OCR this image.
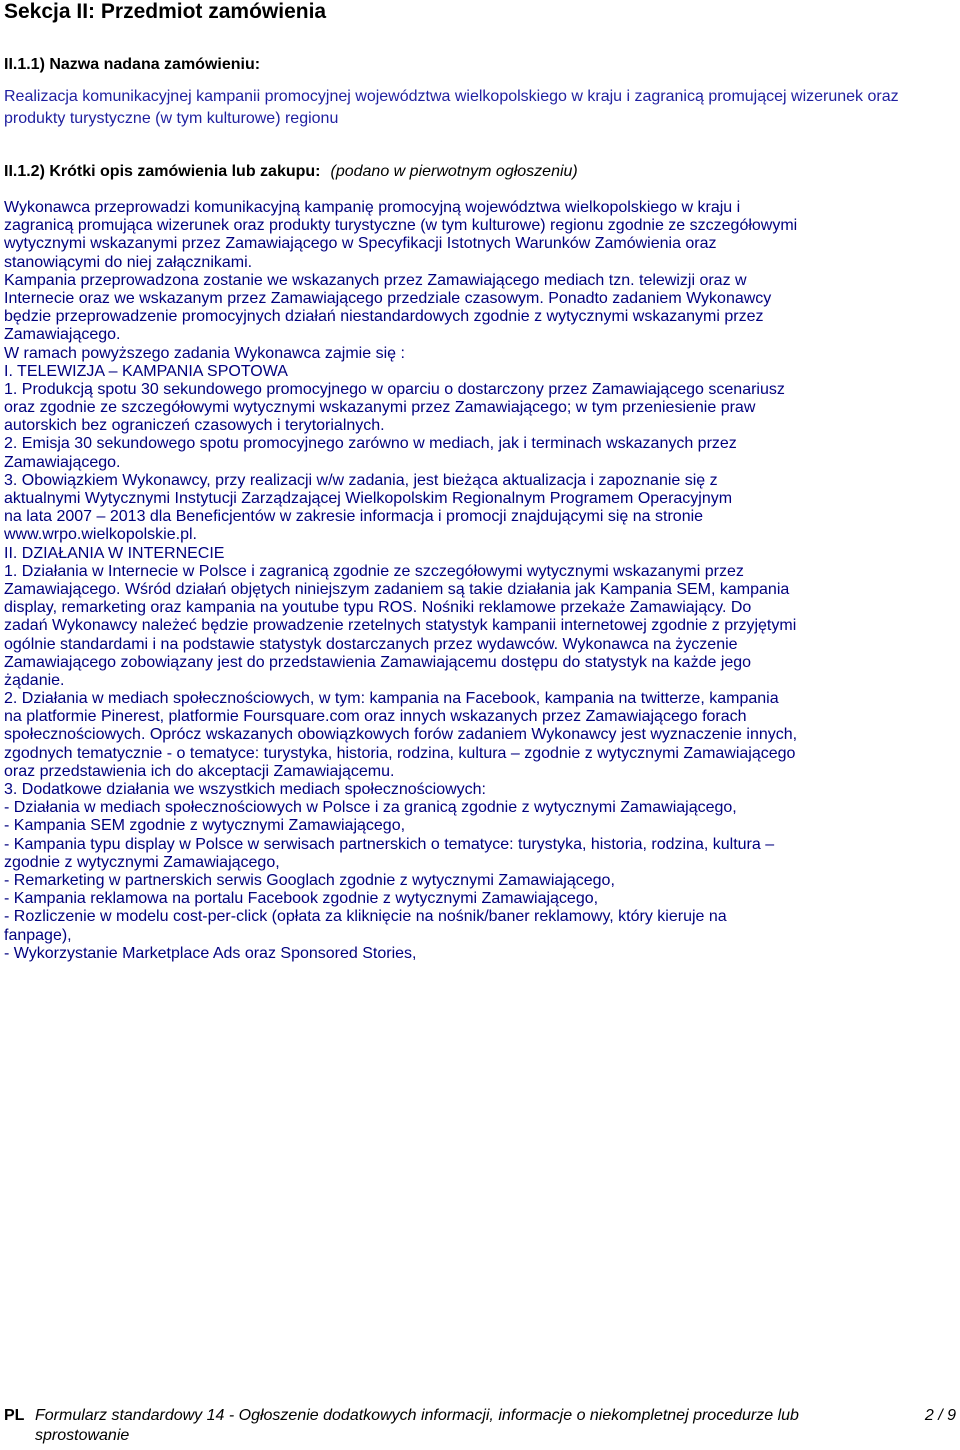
Sekcja II: Przedmiot zamówienia
II.1.1) Nazwa nadana zamówieniu:

Realizacja komunikacyjnej kampanii promocyjnej województwa wielkopolskiego w kraju i zagranicą promującej wizerunek oraz produkty turystyczne (w tym kulturowe) regionu

II.1.2) Krótki opis zamówienia lub zakupu: (podano w pierwotnym ogłoszeniu)
Wykonawca przeprowadzi komunikacyjną kampanię promocyjną województwa wielkopolskiego w kraju i
zagranicą promująca wizerunek oraz produkty turystyczne (w tym kulturowe) regionu zgodnie ze szczegółowymi
wytycznymi wskazanymi przez Zamawiającego w Specyfikacji Istotnych Warunków Zamówienia oraz
stanowiącymi do niej załącznikami.
Kampania przeprowadzona zostanie we wskazanych przez Zamawiającego mediach tzn. telewizji oraz w
Internecie oraz we wskazanym przez Zamawiającego przedziale czasowym. Ponadto zadaniem Wykonawcy
będzie przeprowadzenie promocyjnych działań niestandardowych zgodnie z wytycznymi wskazanymi przez
Zamawiającego.
W ramach powyższego zadania Wykonawca zajmie się :
I. TELEWIZJA – KAMPANIA SPOTOWA
1. Produkcją spotu 30 sekundowego promocyjnego w oparciu o dostarczony przez Zamawiającego scenariusz
oraz zgodnie ze szczegółowymi wytycznymi wskazanymi przez Zamawiającego; w tym przeniesienie praw
autorskich bez ograniczeń czasowych i terytorialnych.
2. Emisja 30 sekundowego spotu promocyjnego zarówno w mediach, jak i terminach wskazanych przez
Zamawiającego.
3. Obowiązkiem Wykonawcy, przy realizacji w/w zadania, jest bieżąca aktualizacja i zapoznanie się z
aktualnymi Wytycznymi Instytucji Zarządzającej Wielkopolskim Regionalnym Programem Operacyjnym
na lata 2007 – 2013 dla Beneficjentów w zakresie informacja i promocji znajdującymi się na stronie
www.wrpo.wielkopolskie.pl.
II. DZIAŁANIA W INTERNECIE
1. Działania w Internecie w Polsce i zagranicą zgodnie ze szczegółowymi wytycznymi wskazanymi przez
Zamawiającego. Wśród działań objętych niniejszym zadaniem są takie działania jak Kampania SEM, kampania
display, remarketing oraz kampania na youtube typu ROS. Nośniki reklamowe przekaże Zamawiający. Do
zadań Wykonawcy należeć będzie prowadzenie rzetelnych statystyk kampanii internetowej zgodnie z przyjętymi
ogólnie standardami i na podstawie statystyk dostarczanych przez wydawców. Wykonawca na życzenie
Zamawiającego zobowiązany jest do przedstawienia Zamawiającemu dostępu do statystyk na każde jego
żądanie.
2. Działania w mediach społecznościowych, w tym: kampania na Facebook, kampania na twitterze, kampania
na platformie Pinerest, platformie Foursquare.com oraz innych wskazanych przez Zamawiającego forach
społecznościowych. Oprócz wskazanych obowiązkowych forów zadaniem Wykonawcy jest wyznaczenie innych,
zgodnych tematycznie - o tematyce: turystyka, historia, rodzina, kultura – zgodnie z wytycznymi Zamawiającego
oraz przedstawienia ich do akceptacji Zamawiającemu.
3. Dodatkowe działania we wszystkich mediach społecznościowych:
- Działania w mediach społecznościowych w Polsce i za granicą zgodnie z wytycznymi Zamawiającego,
- Kampania SEM zgodnie z wytycznymi Zamawiającego,
- Kampania typu display w Polsce w serwisach partnerskich o tematyce: turystyka, historia, rodzina, kultura –
zgodnie z wytycznymi Zamawiającego,
- Remarketing w partnerskich serwis Googlach zgodnie z wytycznymi Zamawiającego,
- Kampania reklamowa na portalu Facebook zgodnie z wytycznymi Zamawiającego,
- Rozliczenie w modelu cost-per-click (opłata za kliknięcie na nośnik/baner reklamowy, który kieruje na
fanpage),
- Wykorzystanie Marketplace Ads oraz Sponsored Stories,
PL Formularz standardowy 14 - Ogłoszenie dodatkowych informacji, informacje o niekompletnej procedurze lub sprostowanie
2 / 9
